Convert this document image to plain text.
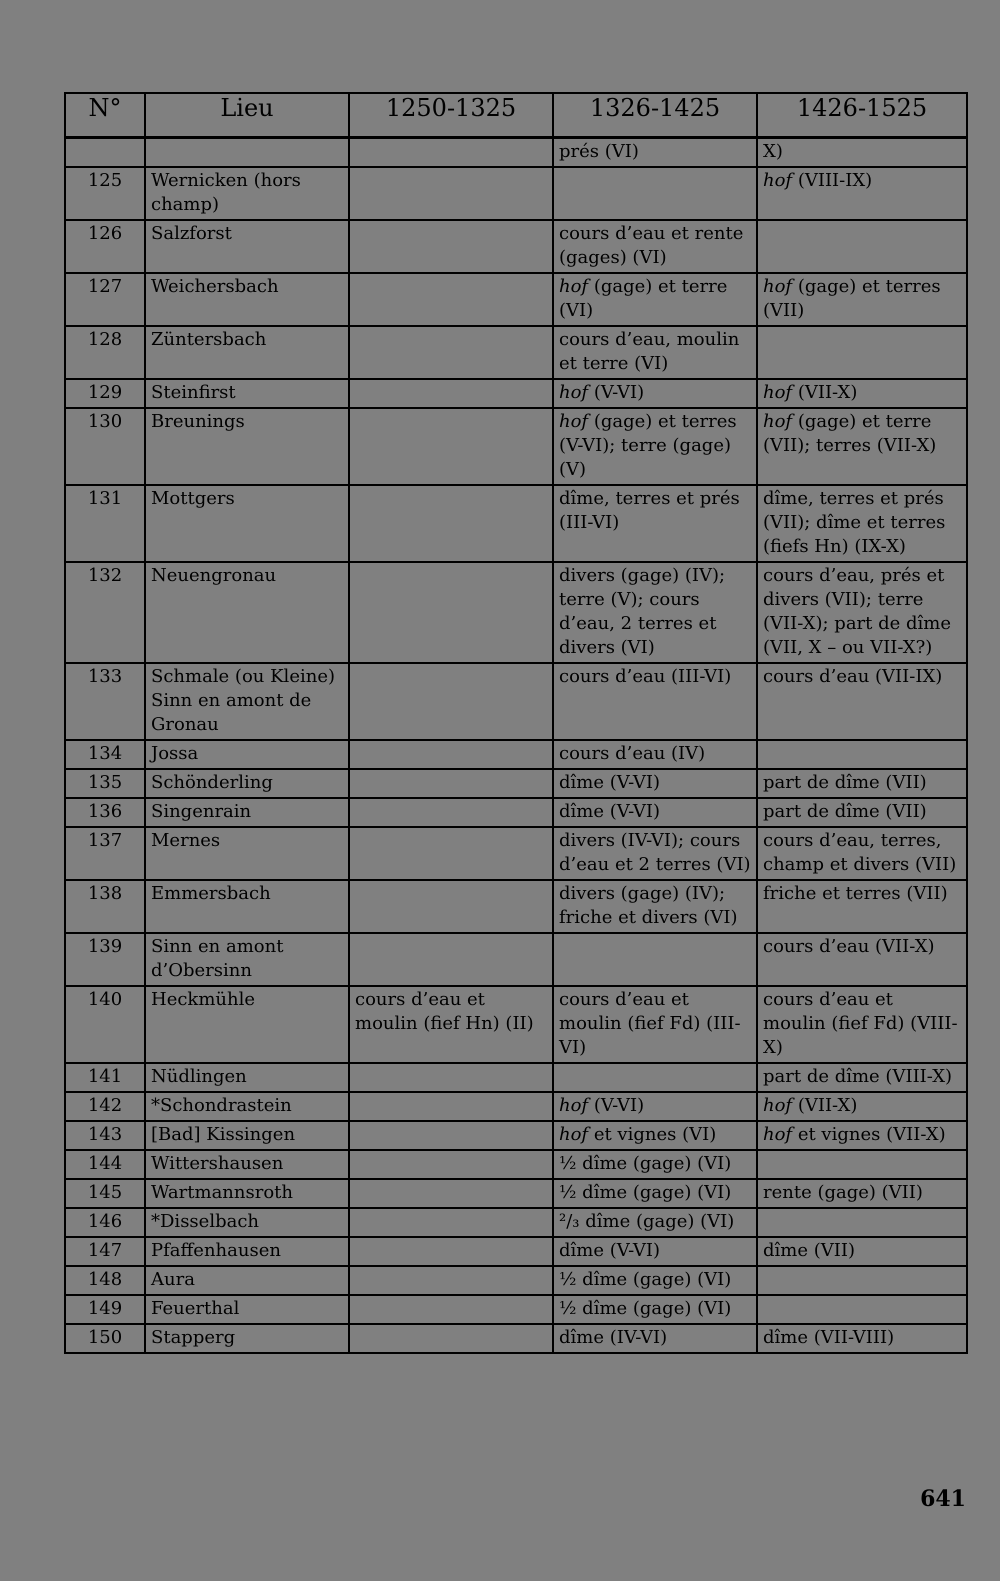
N°	Lieu	1250-1325	1326-1425	1426-1525
			prés (VI)	X)
125	Wernicken (hors champ)			hof (VIII-IX)
126	Salzforst		cours d’eau et rente (gages) (VI)	
127	Weichersbach		hof (gage) et terre (VI)	hof (gage) et terres (VII)
128	Züntersbach		cours d’eau, moulin et terre (VI)	
129	Steinfirst		hof (V-VI)	hof (VII-X)
130	Breunings		hof (gage) et terres (V-VI); terre (gage) (V)	hof (gage) et terre (VII); terres (VII-X)
131	Mottgers		dîme, terres et prés (III-VI)	dîme, terres et prés (VII); dîme et terres (fiefs Hn) (IX-X)
132	Neuengronau		divers (gage) (IV); terre (V); cours d’eau, 2 terres et divers (VI)	cours d’eau, prés et divers (VII); terre (VII-X); part de dîme (VII, X – ou VII-X?)
133	Schmale (ou Kleine) Sinn en amont de Gronau		cours d’eau (III-VI)	cours d’eau (VII-IX)
134	Jossa		cours d’eau (IV)	
135	Schönderling		dîme (V-VI)	part de dîme (VII)
136	Singenrain		dîme (V-VI)	part de dîme (VII)
137	Mernes		divers (IV-VI); cours d’eau et 2 terres (VI)	cours d’eau, terres, champ et divers (VII)
138	Emmersbach		divers (gage) (IV); friche et divers (VI)	friche et terres (VII)
139	Sinn en amont d’Obersinn			cours d’eau (VII-X)
140	Heckmühle	cours d’eau et moulin (fief Hn) (II)	cours d’eau et moulin (fief Fd) (III-VI)	cours d’eau et moulin (fief Fd) (VIII-X)
141	Nüdlingen			part de dîme (VIII-X)
142	*Schondrastein		hof (V-VI)	hof (VII-X)
143	[Bad] Kissingen		hof et vignes (VI)	hof et vignes (VII-X)
144	Wittershausen		½ dîme (gage) (VI)	
145	Wartmannsroth		½ dîme (gage) (VI)	rente (gage) (VII)
146	*Disselbach		²/₃ dîme (gage) (VI)	
147	Pfaffenhausen		dîme (V-VI)	dîme (VII)
148	Aura		½ dîme (gage) (VI)	
149	Feuerthal		½ dîme (gage) (VI)	
150	Stapperg		dîme (IV-VI)	dîme (VII-VIII)
641
